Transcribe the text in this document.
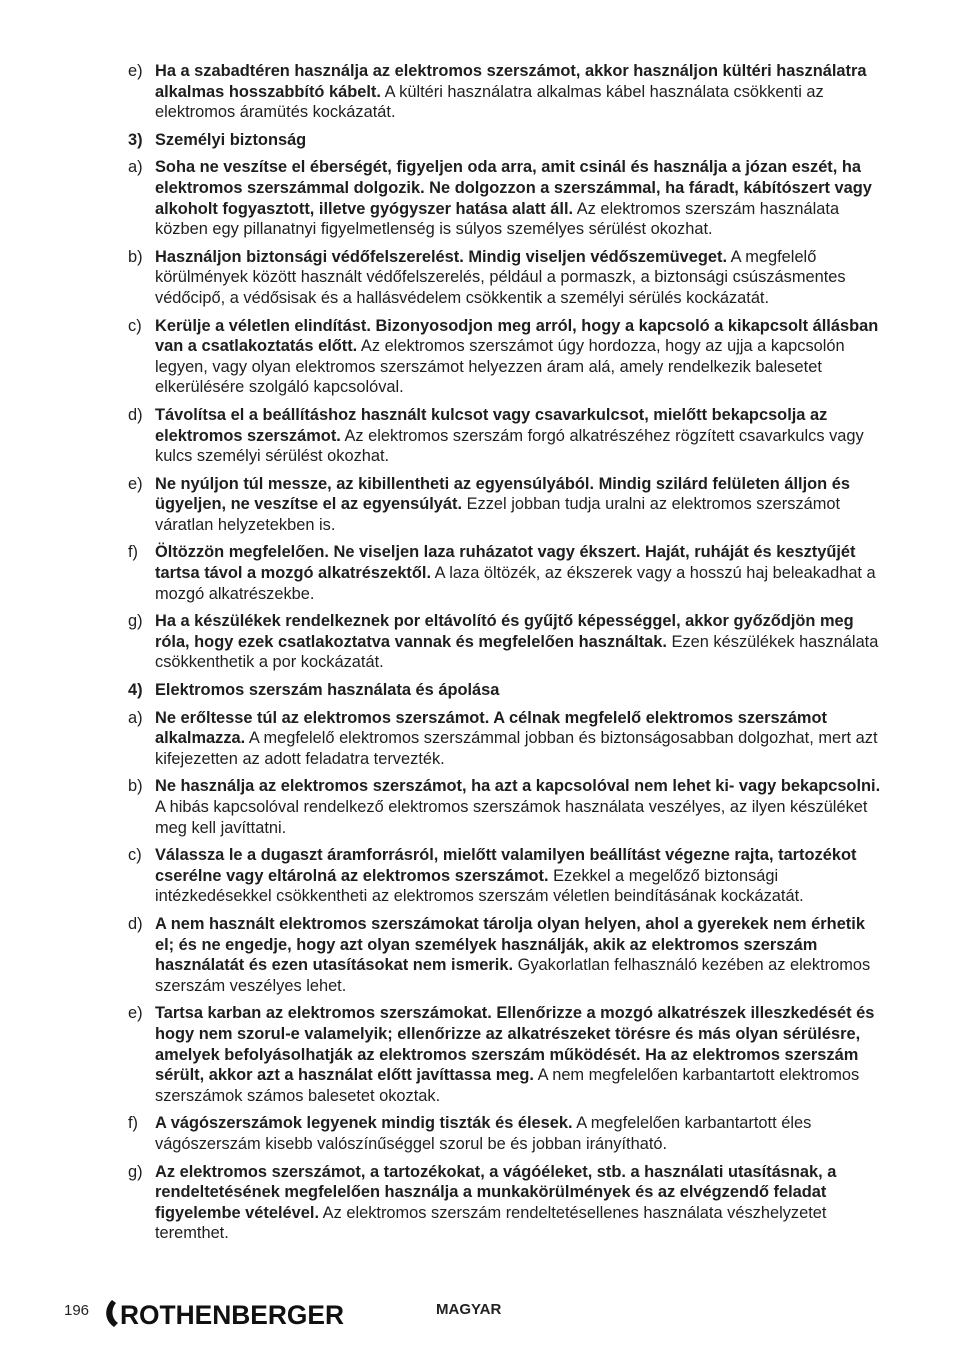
e) Ha a szabadtéren használja az elektromos szerszámot, akkor használjon kültéri használatra alkalmas hosszabbító kábelt. A kültéri használatra alkalmas kábel használata csökkenti az elektromos áramütés kockázatát.
3) Személyi biztonság
a) Soha ne veszítse el éberségét, figyeljen oda arra, amit csinál és használja a józan eszét, ha elektromos szerszámmal dolgozik. Ne dolgozzon a szerszámmal, ha fáradt, kábítószert vagy alkoholt fogyasztott, illetve gyógyszer hatása alatt áll. Az elektromos szerszám használata közben egy pillanatnyi figyelmetlenség is súlyos személyes sérülést okozhat.
b) Használjon biztonsági védőfelszerelést. Mindig viseljen védőszemüveget. A megfelelő körülmények között használt védőfelszerelés, például a pormaszk, a biztonsági csúszásmentes védőcipő, a védősisak és a hallásvédelem csökkentik a személyi sérülés kockázatát.
c) Kerülje a véletlen elindítást. Bizonyosodjon meg arról, hogy a kapcsoló a kikapcsolt állásban van a csatlakoztatás előtt. Az elektromos szerszámot úgy hordozza, hogy az ujja a kapcsolón legyen, vagy olyan elektromos szerszámot helyezzen áram alá, amely rendelkezik balesetet elkerülésére szolgáló kapcsolóval.
d) Távolítsa el a beállításhoz használt kulcsot vagy csavarkulcsot, mielőtt bekapcsolja az elektromos szerszámot. Az elektromos szerszám forgó alkatrészéhez rögzített csavarkulcs vagy kulcs személyi sérülést okozhat.
e) Ne nyúljon túl messze, az kibillentheti az egyensúlyából. Mindig szilárd felületen álljon és ügyeljen, ne veszítse el az egyensúlyát. Ezzel jobban tudja uralni az elektromos szerszámot váratlan helyzetekben is.
f)	Öltözzön megfelelően. Ne viseljen laza ruházatot vagy ékszert. Haját, ruháját és kesztyűjét tartsa távol a mozgó alkatrészektől. A laza öltözék, az ékszerek vagy a hosszú haj beleakadhat a mozgó alkatrészekbe.
g) Ha a készülékek rendelkeznek por eltávolító és gyűjtő képességgel, akkor győződjön meg róla, hogy ezek csatlakoztatva vannak és megfelelően használtak. Ezen készülékek használata csökkenthetik a por kockázatát.
4) Elektromos szerszám használata és ápolása
a) Ne erőltesse túl az elektromos szerszámot. A célnak megfelelő elektromos szerszámot alkalmazza. A megfelelő elektromos szerszámmal jobban és biztonságosabban dolgozhat, mert azt kifejezetten az adott feladatra tervezték.
b) Ne használja az elektromos szerszámot, ha azt a kapcsolóval nem lehet ki- vagy bekapcsolni. A hibás kapcsolóval rendelkező elektromos szerszámok használata veszélyes, az ilyen készüléket meg kell javíttatni.
c) Válassza le a dugaszt áramforrásról, mielőtt valamilyen beállítást végezne rajta, tartozékot cserélne vagy eltárolná az elektromos szerszámot. Ezekkel a megelőző biztonsági intézkedésekkel csökkentheti az elektromos szerszám véletlen beindításának kockázatát.
d) A nem használt elektromos szerszámokat tárolja olyan helyen, ahol a gyerekek nem érhetik el; és ne engedje, hogy azt olyan személyek használják, akik az elektromos szerszám használatát és ezen utasításokat nem ismerik. Gyakorlatlan felhasználó kezében az elektromos szerszám veszélyes lehet.
e) Tartsa karban az elektromos szerszámokat. Ellenőrizze a mozgó alkatrészek illeszkedését és hogy nem szorul-e valamelyik; ellenőrizze az alkatrészeket törésre és más olyan sérülésre, amelyek befolyásolhatják az elektromos szerszám működését. Ha az elektromos szerszám sérült, akkor azt a használat előtt javíttassa meg. A nem megfelelően karbantartott elektromos szerszámok számos balesetet okoztak.
f)	A vágószerszámok legyenek mindig tiszták és élesek. A megfelelően karbantartott éles vágószerszám kisebb valószínűséggel szorul be és jobban irányítható.
g) Az elektromos szerszámot, a tartozékokat, a vágóéleket, stb. a használati utasításnak, a rendeltetésének megfelelően használja a munkakörülmények és az elvégzendő feladat figyelembe vételével. Az elektromos szerszám rendeltetésellenes használata vészhelyzetet teremthet.
196 ROTHENBERGER	MAGYAR
